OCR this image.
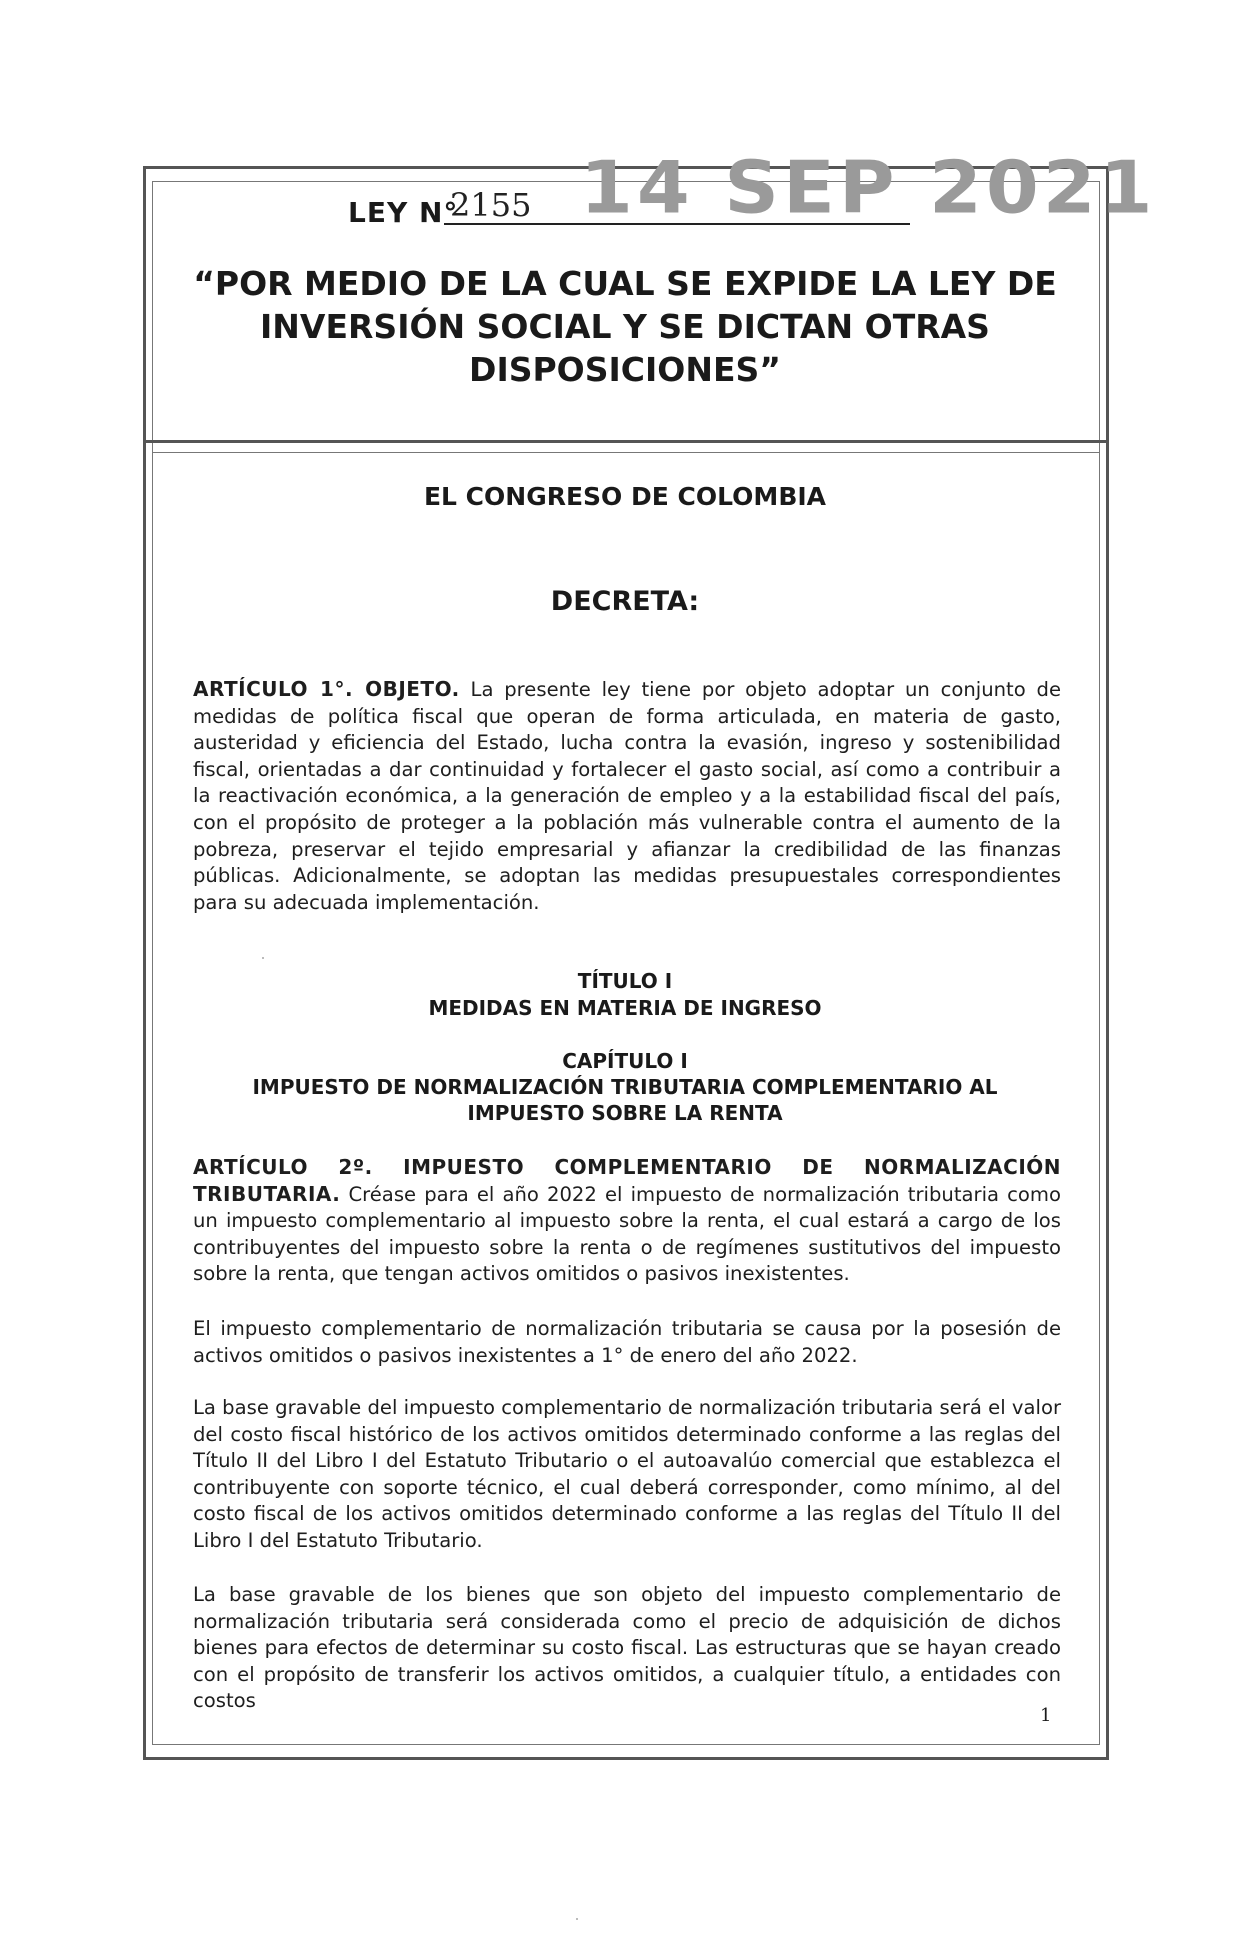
14 SEP 2021
LEY N°
2155
“POR MEDIO DE LA CUAL SE EXPIDE LA LEY DE INVERSIÓN SOCIAL Y SE DICTAN OTRAS DISPOSICIONES”
EL CONGRESO DE COLOMBIA
DECRETA:

ARTÍCULO 1°. OBJETO. La presente ley tiene por objeto adoptar un conjunto de medidas de política fiscal que operan de forma articulada, en materia de gasto, austeridad y eficiencia del Estado, lucha contra la evasión, ingreso y sostenibilidad fiscal, orientadas a dar continuidad y fortalecer el gasto social, así como a contribuir a la reactivación económica, a la generación de empleo y a la estabilidad fiscal del país, con el propósito de proteger a la población más vulnerable contra el aumento de la pobreza, preservar el tejido empresarial y afianzar la credibilidad de las finanzas públicas. Adicionalmente, se adoptan las medidas presupuestales correspondientes para su adecuada implementación.

TÍTULO I
MEDIDAS EN MATERIA DE INGRESO
CAPÍTULO I
IMPUESTO DE NORMALIZACIÓN TRIBUTARIA COMPLEMENTARIO AL IMPUESTO SOBRE LA RENTA

ARTÍCULO 2º. IMPUESTO COMPLEMENTARIO DE NORMALIZACIÓN
TRIBUTARIA. Créase para el año 2022 el impuesto de normalización tributaria como un impuesto complementario al impuesto sobre la renta, el cual estará a cargo de los contribuyentes del impuesto sobre la renta o de regímenes sustitutivos del impuesto sobre la renta, que tengan activos omitidos o pasivos inexistentes.

El impuesto complementario de normalización tributaria se causa por la posesión de activos omitidos o pasivos inexistentes a 1° de enero del año 2022.

La base gravable del impuesto complementario de normalización tributaria será el valor del costo fiscal histórico de los activos omitidos determinado conforme a las reglas del Título II del Libro I del Estatuto Tributario o el autoavalúo comercial que establezca el contribuyente con soporte técnico, el cual deberá corresponder, como mínimo, al del costo fiscal de los activos omitidos determinado conforme a las reglas del Título II del Libro I del Estatuto Tributario.

La base gravable de los bienes que son objeto del impuesto complementario de normalización tributaria será considerada como el precio de adquisición de dichos bienes para efectos de determinar su costo fiscal. Las estructuras que se hayan creado con el propósito de transferir los activos omitidos, a cualquier título, a entidades con costos

1
